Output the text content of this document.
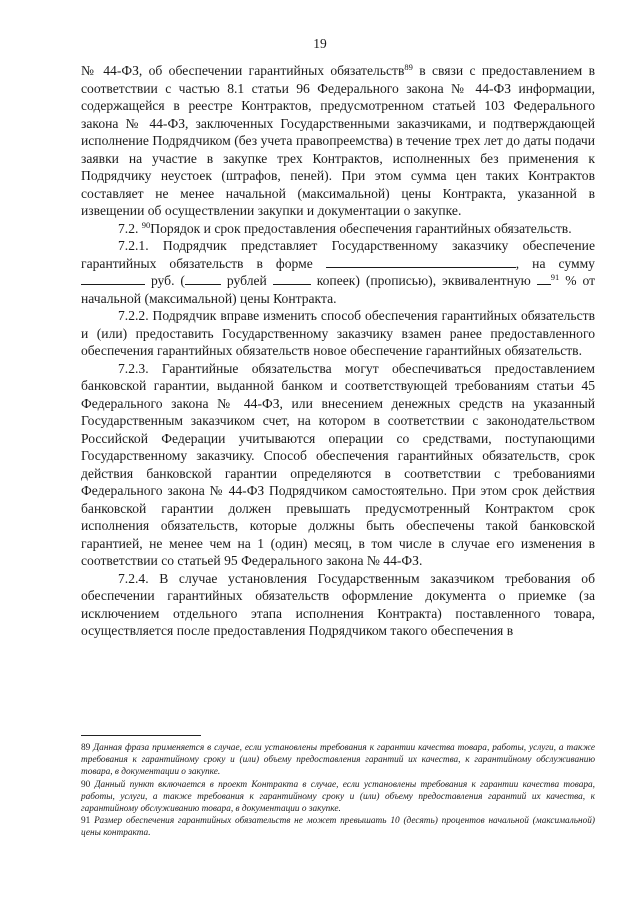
19

№ 44-ФЗ, об обеспечении гарантийных обязательств$^{89}$ в связи с предоставлением в соответствии с частью 8.1 статьи 96 Федерального закона № 44-ФЗ информации, содержащейся в реестре Контрактов, предусмотренном статьей 103 Федерального закона № 44-ФЗ, заключенных Государственными заказчиками, и подтверждающей исполнение Подрядчиком (без учета правопреемства) в течение трех лет до даты подачи заявки на участие в закупке трех Контрактов, исполненных без применения к Подрядчику неустоек (штрафов, пеней). При этом сумма цен таких Контрактов составляет не менее начальной (максимальной) цены Контракта, указанной в извещении об осуществлении закупки и документации о закупке.

7.2. $^{90}$Порядок и срок предоставления обеспечения гарантийных обязательств.

7.2.1. Подрядчик представляет Государственному заказчику обеспечение гарантийных обязательств в форме	, на сумму  руб. (	рублей	копеек) (прописью), эквивалентную $^{91}$ % от начальной (максимальной) цены Контракта.

7.2.2. Подрядчик вправе изменить способ обеспечения гарантийных обязательств и (или) предоставить Государственному заказчику взамен ранее предоставленного обеспечения гарантийных обязательств новое обеспечение гарантийных обязательств.

7.2.3. Гарантийные обязательства могут обеспечиваться предоставлением банковской гарантии, выданной банком и соответствующей требованиям статьи 45 Федерального закона № 44-ФЗ, или внесением денежных средств на указанный Государственным заказчиком счет, на котором в соответствии с законодательством Российской Федерации учитываются операции со средствами, поступающими Государственному заказчику. Способ обеспечения гарантийных обязательств, срок действия банковской гарантии определяются в соответствии с требованиями Федерального закона № 44-ФЗ Подрядчиком самостоятельно. При этом срок действия банковской гарантии должен превышать предусмотренный Контрактом срок исполнения обязательств, которые должны быть обеспечены такой банковской гарантией, не менее чем на 1 (один) месяц, в том числе в случае его изменения в соответствии со статьей 95 Федерального закона № 44-ФЗ.

7.2.4. В случае установления Государственным заказчиком требования об обеспечении гарантийных обязательств оформление документа о приемке (за исключением отдельного этапа исполнения Контракта) поставленного товара, осуществляется после предоставления Подрядчиком такого обеспечения в

89 Данная фраза применяется в случае, если установлены требования к гарантии качества товара, работы, услуги, а также требования к гарантийному сроку и (или) объему предоставления гарантий их качества, к гарантийному обслуживанию товара, в документации о закупке.

90 Данный пункт включается в проект Контракта в случае, если установлены требования к гарантии качества товара, работы, услуги, а также требования к гарантийному сроку и (или) объему предоставления гарантий их качества, к гарантийному обслуживанию товара, в документации о закупке.

91 Размер обеспечения гарантийных обязательств не может превышать 10 (десять) процентов начальной (максимальной) цены контракта.
